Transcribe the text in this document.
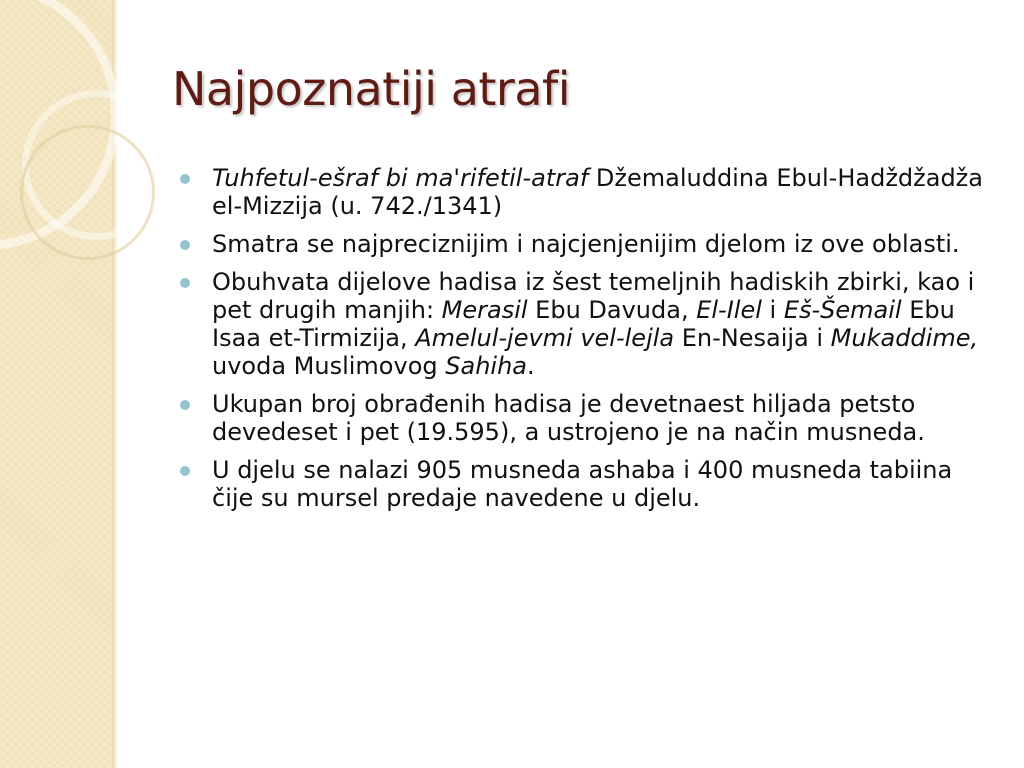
Najpoznatiji atrafi
Tuhfetul-ešraf bi ma'rifetil-atraf Džemaluddina Ebul-Hadždžadža el-Mizzija (u. 742./1341)
Smatra se najpreciznijim i najcjenjenijim djelom iz ove oblasti.
Obuhvata dijelove hadisa iz šest temeljnih hadiskih zbirki, kao i pet drugih manjih: Merasil Ebu Davuda, El-Ilel i Eš-Šemail Ebu Isaa et-Tirmizija, Amelul-jevmi vel-lejla En-Nesaija i Mukaddime, uvoda Muslimovog Sahiha.
Ukupan broj obrađenih hadisa je devetnaest hiljada petsto devedeset i pet (19.595), a ustrojeno je na način musneda.
U djelu se nalazi 905 musneda ashaba i 400 musneda tabiina čije su mursel predaje navedene u djelu.
